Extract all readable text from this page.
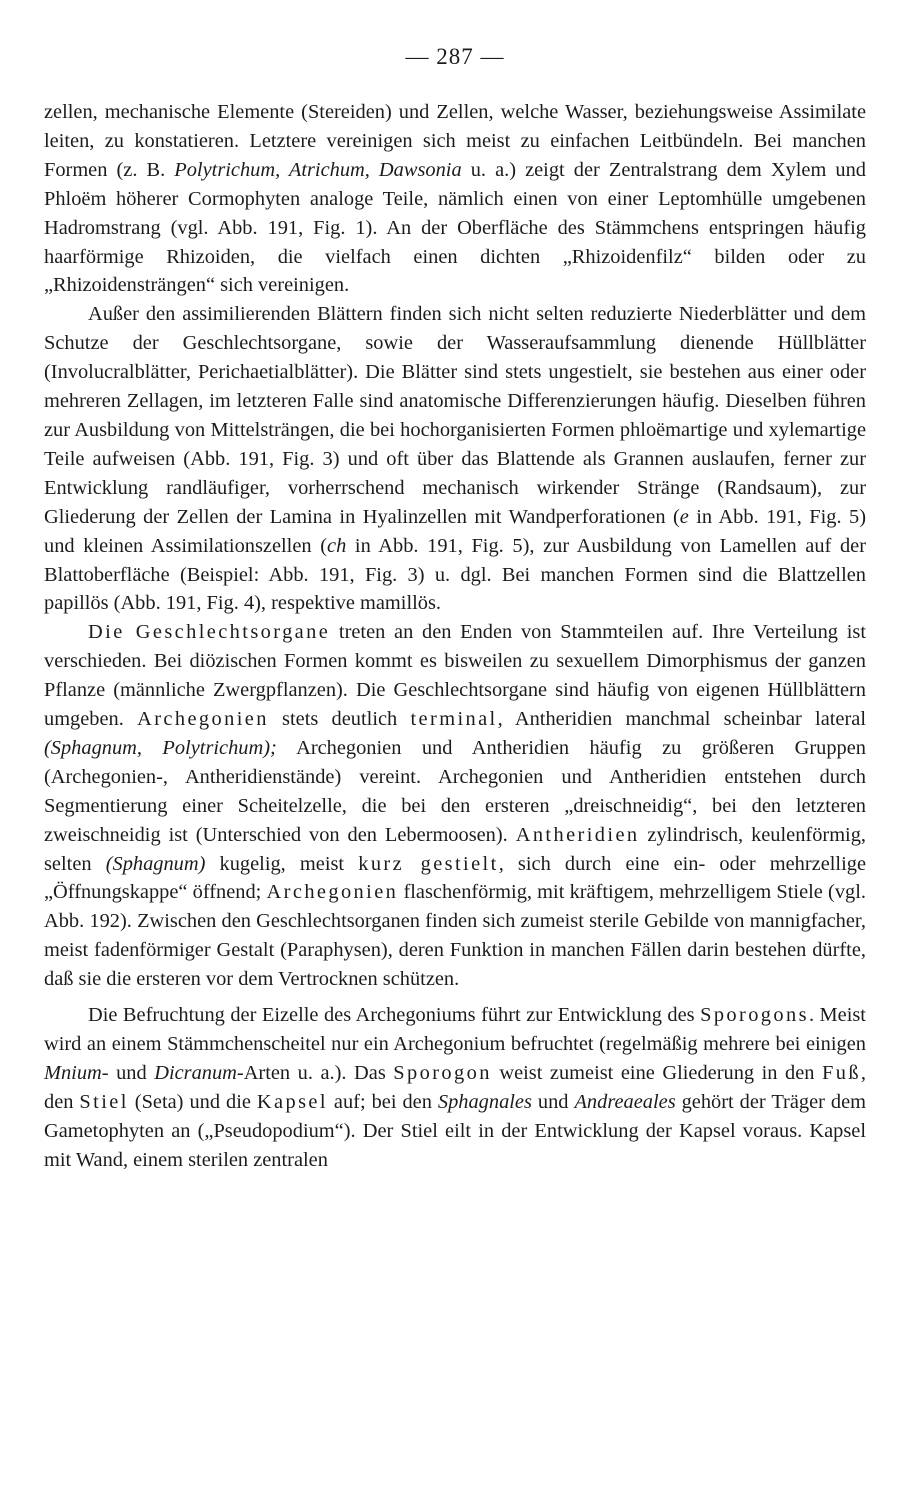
— 287 —

zellen, mechanische Elemente (Stereiden) und Zellen, welche Wasser, beziehungsweise Assimilate leiten, zu konstatieren. Letztere vereinigen sich meist zu einfachen Leitbündeln. Bei manchen Formen (z. B. Polytrichum, Atrichum, Dawsonia u. a.) zeigt der Zentralstrang dem Xylem und Phloëm höherer Cormophyten analoge Teile, nämlich einen von einer Leptomhülle umgebenen Hadromstrang (vgl. Abb. 191, Fig. 1). An der Oberfläche des Stämmchens entspringen häufig haarförmige Rhizoiden, die vielfach einen dichten „Rhizoidenfilz“ bilden oder zu „Rhizoidensträngen“ sich vereinigen.

Außer den assimilierenden Blättern finden sich nicht selten reduzierte Niederblätter und dem Schutze der Geschlechtsorgane, sowie der Wasseraufsammlung dienende Hüllblätter (Involucralblätter, Perichaetialblätter). Die Blätter sind stets ungestielt, sie bestehen aus einer oder mehreren Zellagen, im letzteren Falle sind anatomische Differenzierungen häufig. Dieselben führen zur Ausbildung von Mittelsträngen, die bei hochorganisierten Formen phloëmartige und xylemartige Teile aufweisen (Abb. 191, Fig. 3) und oft über das Blattende als Grannen auslaufen, ferner zur Entwicklung randläufiger, vorherrschend mechanisch wirkender Stränge (Randsaum), zur Gliederung der Zellen der Lamina in Hyalinzellen mit Wandperforationen (e in Abb. 191, Fig. 5) und kleinen Assimilationszellen (ch in Abb. 191, Fig. 5), zur Ausbildung von Lamellen auf der Blattoberfläche (Beispiel: Abb. 191, Fig. 3) u. dgl. Bei manchen Formen sind die Blattzellen papillös (Abb. 191, Fig. 4), respektive mamillös.

Die Geschlechtsorgane treten an den Enden von Stammteilen auf. Ihre Verteilung ist verschieden. Bei diözischen Formen kommt es bisweilen zu sexuellem Dimorphismus der ganzen Pflanze (männliche Zwergpflanzen). Die Geschlechtsorgane sind häufig von eigenen Hüllblättern umgeben. Archegonien stets deutlich terminal, Antheridien manchmal scheinbar lateral (Sphagnum, Polytrichum); Archegonien und Antheridien häufig zu größeren Gruppen (Archegonien-, Antheridienstände) vereint. Archegonien und Antheridien entstehen durch Segmentierung einer Scheitelzelle, die bei den ersteren „dreischneidig“, bei den letzteren zweischneidig ist (Unterschied von den Lebermoosen). Antheridien zylindrisch, keulenförmig, selten (Sphagnum) kugelig, meist kurz gestielt, sich durch eine ein- oder mehrzellige „Öffnungskappe“ öffnend; Archegonien flaschenförmig, mit kräftigem, mehrzelligem Stiele (vgl. Abb. 192). Zwischen den Geschlechtsorganen finden sich zumeist sterile Gebilde von mannigfacher, meist fadenförmiger Gestalt (Paraphysen), deren Funktion in manchen Fällen darin bestehen dürfte, daß sie die ersteren vor dem Vertrocknen schützen.

Die Befruchtung der Eizelle des Archegoniums führt zur Entwicklung des Sporogons. Meist wird an einem Stämmchenscheitel nur ein Archegonium befruchtet (regelmäßig mehrere bei einigen Mnium- und Dicranum-Arten u. a.). Das Sporogon weist zumeist eine Gliederung in den Fuß, den Stiel (Seta) und die Kapsel auf; bei den Sphagnales und Andreaeales gehört der Träger dem Gametophyten an („Pseudopodium“). Der Stiel eilt in der Entwicklung der Kapsel voraus. Kapsel mit Wand, einem sterilen zentralen
